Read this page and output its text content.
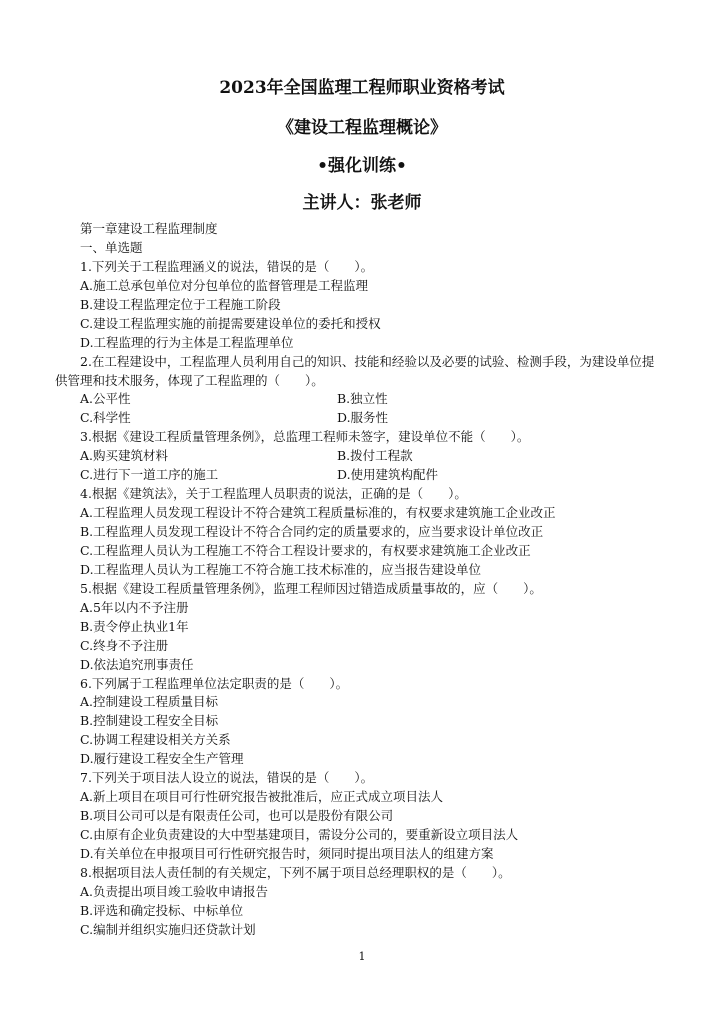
2023年全国监理工程师职业资格考试
《建设工程监理概论》
•强化训练•
主讲人：张老师
第一章建设工程监理制度
一、单选题
1.下列关于工程监理涵义的说法，错误的是（　　）。
A.施工总承包单位对分包单位的监督管理是工程监理
B.建设工程监理定位于工程施工阶段
C.建设工程监理实施的前提需要建设单位的委托和授权
D.工程监理的行为主体是工程监理单位
2.在工程建设中，工程监理人员利用自己的知识、技能和经验以及必要的试验、检测手段，为建设单位提
供管理和技术服务，体现了工程监理的（　　）。
A.公平性	B.独立性
C.科学性	D.服务性
3.根据《建设工程质量管理条例》，总监理工程师未签字，建设单位不能（　　）。
A.购买建筑材料	B.拨付工程款
C.进行下一道工序的施工	D.使用建筑构配件
4.根据《建筑法》，关于工程监理人员职责的说法，正确的是（　　）。
A.工程监理人员发现工程设计不符合建筑工程质量标准的，有权要求建筑施工企业改正
B.工程监理人员发现工程设计不符合合同约定的质量要求的，应当要求设计单位改正
C.工程监理人员认为工程施工不符合工程设计要求的，有权要求建筑施工企业改正
D.工程监理人员认为工程施工不符合施工技术标准的，应当报告建设单位
5.根据《建设工程质量管理条例》，监理工程师因过错造成质量事故的，应（　　）。
A.5年以内不予注册
B.责令停止执业1年
C.终身不予注册
D.依法追究刑事责任
6.下列属于工程监理单位法定职责的是（　　）。
A.控制建设工程质量目标
B.控制建设工程安全目标
C.协调工程建设相关方关系
D.履行建设工程安全生产管理
7.下列关于项目法人设立的说法，错误的是（　　）。
A.新上项目在项目可行性研究报告被批准后，应正式成立项目法人
B.项目公司可以是有限责任公司，也可以是股份有限公司
C.由原有企业负责建设的大中型基建项目，需设分公司的，要重新设立项目法人
D.有关单位在申报项目可行性研究报告时，须同时提出项目法人的组建方案
8.根据项目法人责任制的有关规定，下列不属于项目总经理职权的是（　　）。
A.负责提出项目竣工验收申请报告
B.评选和确定投标、中标单位
C.编制并组织实施归还贷款计划
1
